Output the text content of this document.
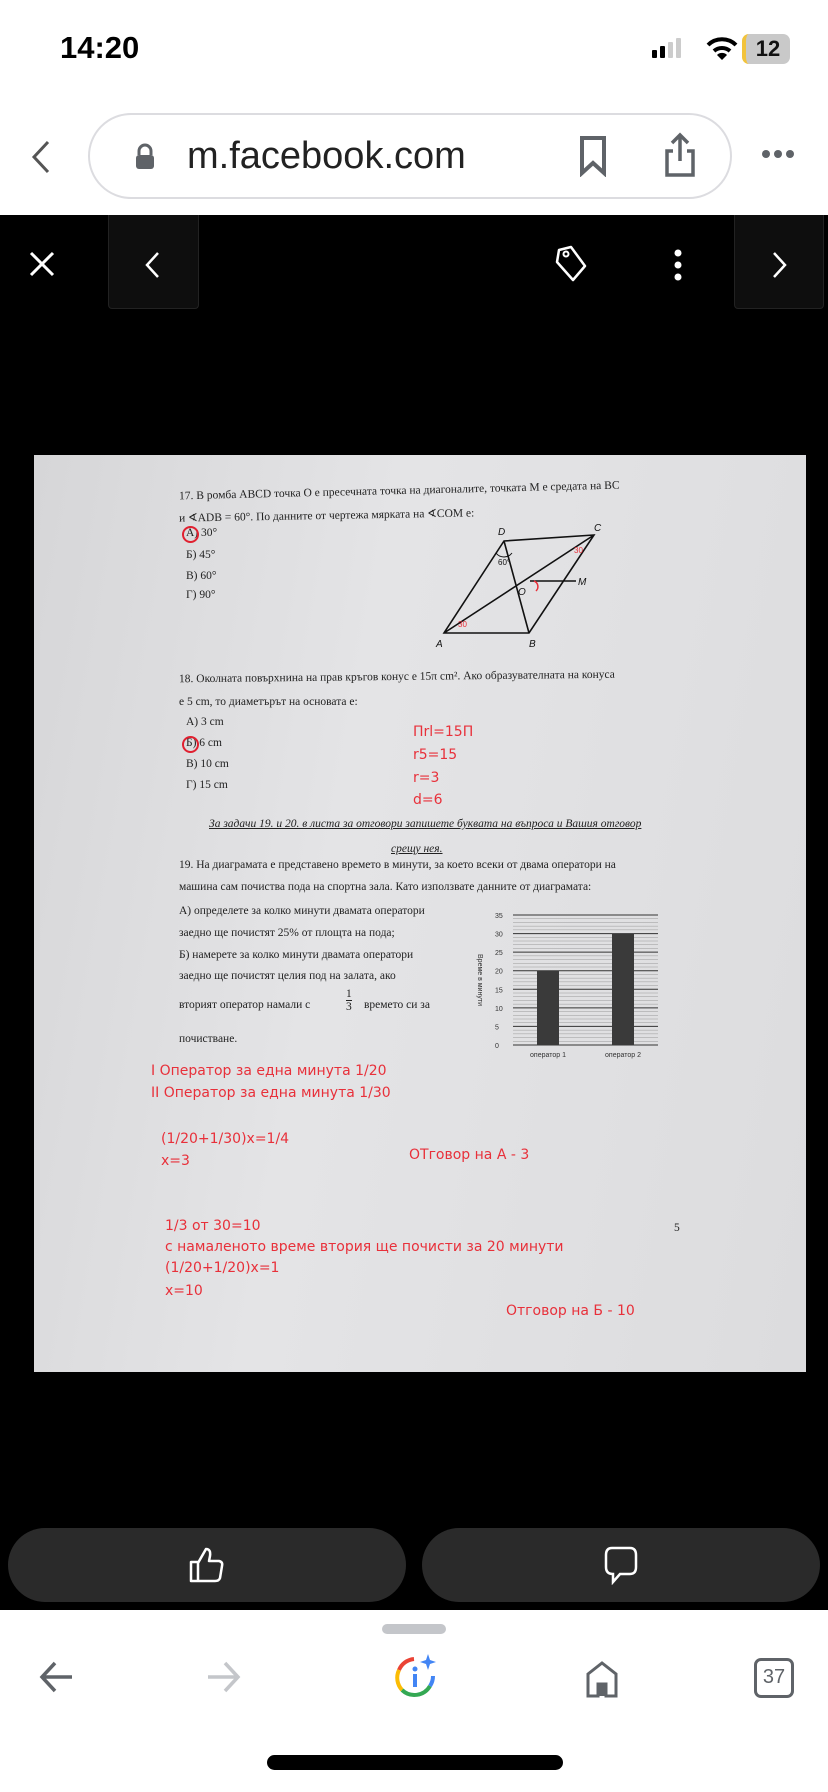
14:20	12
m.facebook.com
17. В ромба ABCD точка O е пресечната точка на диагоналите, точката M е средата на BC
и ∢ADB = 60°. По данните от чертежа мярката на ∢COM е:
А) 30°
Б) 45°
В) 60°
Г) 90°
D	C
A	B
O
M
60°
30
30
18. Околната повърхнина на прав кръгов конус е 15π cm². Ако образувателната на конуса
е 5 cm, то диаметърът на основата е:
А) 3 cm
Б) 6 cm
В) 10 cm
Г) 15 cm
Пrl=15П
r5=15
r=3
d=6
За задачи 19. и 20. в листа за отговори запишете буквата на въпроса и Вашия отговор
срещу нея.
19. На диаграмата е представено времето в минути, за което всеки от двама оператори на
машина сам почиства пода на спортна зала. Като използвате данните от диаграмата:
А) определете за колко минути двамата оператори
заедно ще почистят 25% от площта на пода;
Б) намерете за колко минути двамата оператори
заедно ще почистят целия под на залата, ако
вторият оператор намали с
1
3 времето си за
почистване.
0
5
10
15
20
25
30
35
оператор 1	оператор 2
Време в минути
5
I Оператор за една минута 1/20
II Оператор за една минута 1/30
(1/20+1/30)x=1/4
x=3	ОТговор на А - 3
1/3 от 30=10
с намаленото време втория ще почисти за 20 минути
(1/20+1/20)x=1
x=10
Отговор на Б - 10
37
